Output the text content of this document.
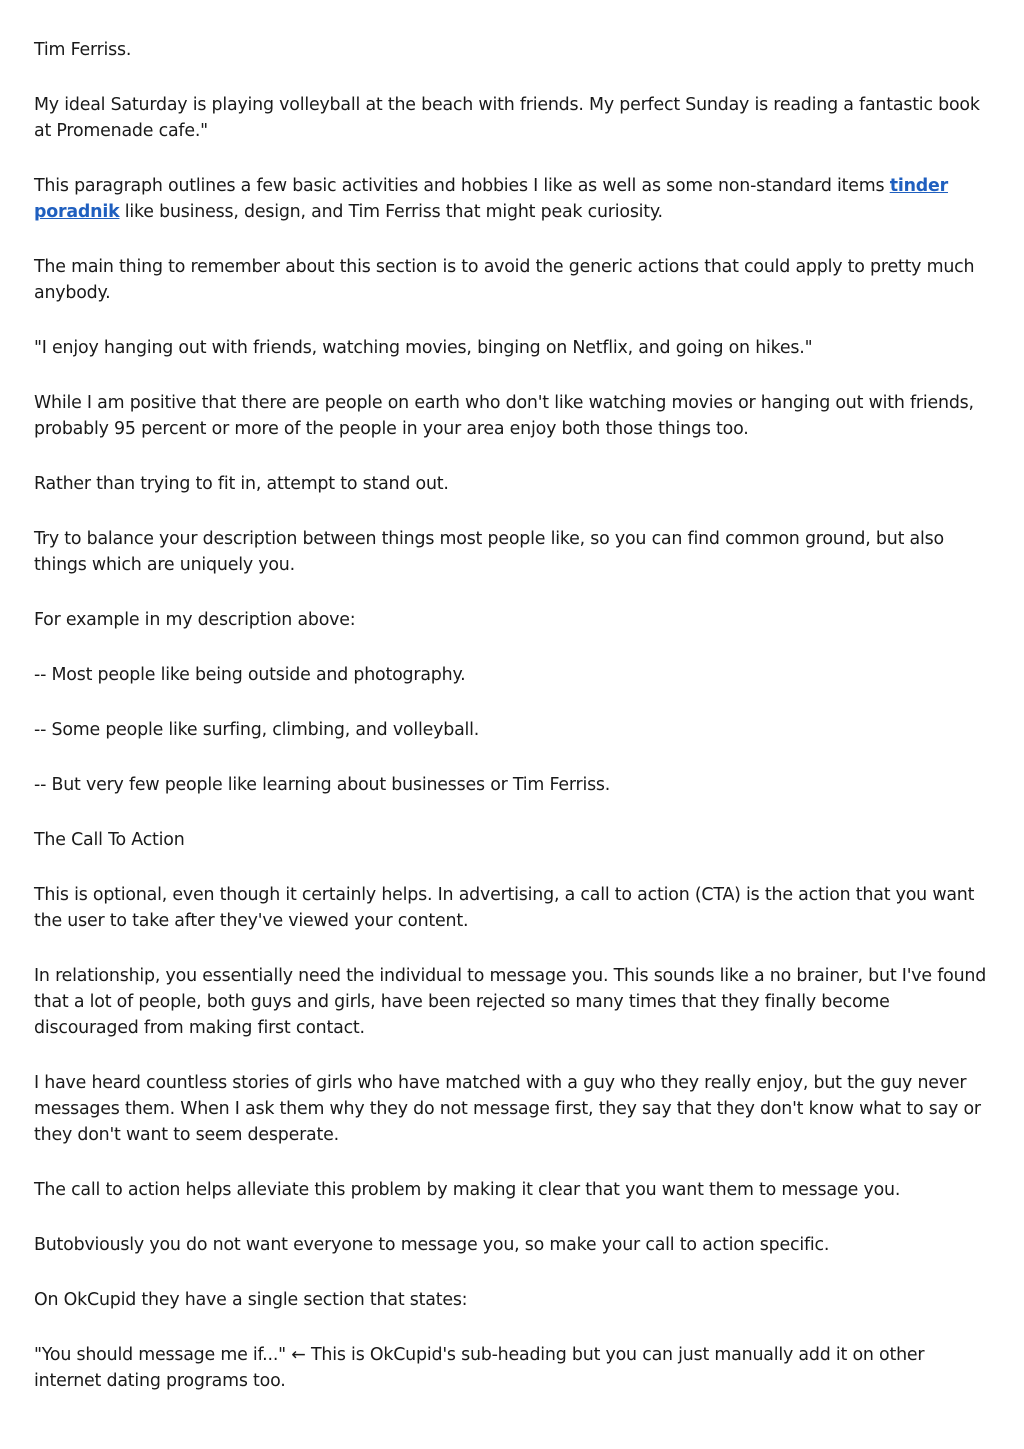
Tim Ferriss.

My ideal Saturday is playing volleyball at the beach with friends. My perfect Sunday is reading a fantastic book at Promenade cafe."

This paragraph outlines a few basic activities and hobbies I like as well as some non-standard items tinder poradnik like business, design, and Tim Ferriss that might peak curiosity.

The main thing to remember about this section is to avoid the generic actions that could apply to pretty much anybody.

"I enjoy hanging out with friends, watching movies, binging on Netflix, and going on hikes."

While I am positive that there are people on earth who don't like watching movies or hanging out with friends, probably 95 percent or more of the people in your area enjoy both those things too.

Rather than trying to fit in, attempt to stand out.

Try to balance your description between things most people like, so you can find common ground, but also things which are uniquely you.

For example in my description above:

-- Most people like being outside and photography.

-- Some people like surfing, climbing, and volleyball.

-- But very few people like learning about businesses or Tim Ferriss.

The Call To Action

This is optional, even though it certainly helps. In advertising, a call to action (CTA) is the action that you want the user to take after they've viewed your content.

In relationship, you essentially need the individual to message you. This sounds like a no brainer, but I've found that a lot of people, both guys and girls, have been rejected so many times that they finally become discouraged from making first contact.

I have heard countless stories of girls who have matched with a guy who they really enjoy, but the guy never messages them. When I ask them why they do not message first, they say that they don't know what to say or they don't want to seem desperate.

The call to action helps alleviate this problem by making it clear that you want them to message you.

Butobviously you do not want everyone to message you, so make your call to action specific.

On OkCupid they have a single section that states:

"You should message me if..." ← This is OkCupid's sub-heading but you can just manually add it on other internet dating programs too.
